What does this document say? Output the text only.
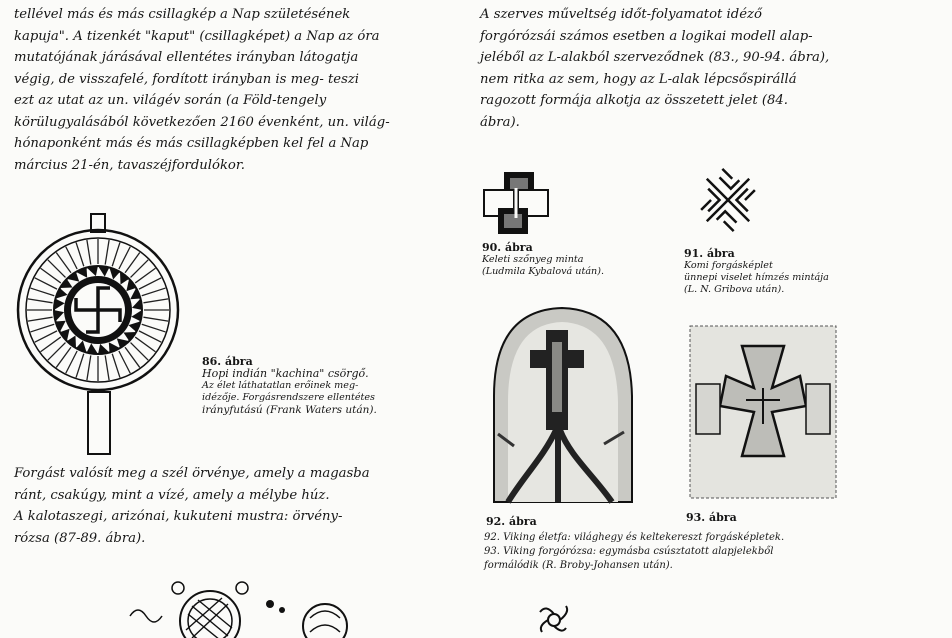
tellével más és más csillagkép a Nap születésének

kapuja". A tizenkét "kaput" (csillagképet) a Nap az óra

mutatójának járásával ellentétes irányban látogatja

végig, de visszafelé, fordított irányban is meg- teszi

ezt az utat az un. világév során (a Föld-tengely

körülugyalásából következően 2160 évenként, un. világ-

hónaponként más és más csillagképben kel fel a Nap

március 21-én, tavaszéjfordulókor.

A szerves műveltség időt-folyamatot idéző

forgórózsái számos esetben a logikai modell alap-

jeléből az L-alakból szerveződnek (83., 90-94. ábra),

nem ritka az sem, hogy az L-alak lépcsőspirállá

ragozott formája alkotja az összetett jelet (84.

ábra).

86. ábra
Hopi indián "kachina" csörgő.
Az élet láthatatlan erőinek meg-
idézője. Forgásrendszere ellentétes
irányfutású (Frank Waters után).

Forgást valósít meg a szél örvénye, amely a magasba

ránt, csakúgy, mint a vízé, amely a mélybe húz.

A kalotaszegi, arizónai, kukuteni mustra: örvény-

rózsa (87-89. ábra).

90. ábra
Keleti szőnyeg minta
(Ludmila Kybalová után).
91. ábra
Komi forgásképlet
ünnepi viselet hímzés mintája
(L. N. Gribova után).
92. ábra	93. ábra
92. Viking életfa: világhegy és keltekereszt forgásképletek.
93. Viking forgórózsa: egymásba csúsztatott alapjelekből
formálódik (R. Broby-Johansen után).
